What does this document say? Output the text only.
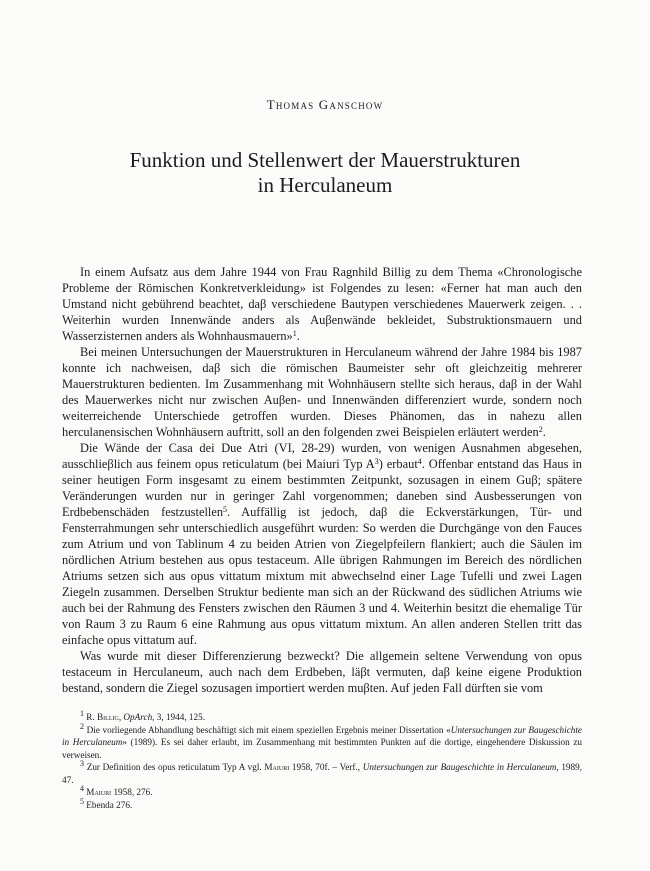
Thomas Ganschow
Funktion und Stellenwert der Mauerstrukturen
in Herculaneum

In einem Aufsatz aus dem Jahre 1944 von Frau Ragnhild Billig zu dem Thema «Chronologische Probleme der Römischen Konkretverkleidung» ist Folgendes zu lesen: «Ferner hat man auch den Umstand nicht gebührend beachtet, daβ verschiedene Bautypen verschiedenes Mauerwerk zeigen. . . Weiterhin wurden Innenwände anders als Auβenwände bekleidet, Substruktionsmauern und Wasserzisternen anders als Wohnhausmauern»$^1$.

Bei meinen Untersuchungen der Mauerstrukturen in Herculaneum während der Jahre 1984 bis 1987 konnte ich nachweisen, daβ sich die römischen Baumeister sehr oft gleichzeitig mehrerer Mauerstrukturen bedienten. Im Zusammenhang mit Wohnhäusern stellte sich heraus, daβ in der Wahl des Mauerwerkes nicht nur zwischen Auβen- und Innenwänden differenziert wurde, sondern noch weiterreichende Unterschiede getroffen wurden. Dieses Phänomen, das in nahezu allen herculanensischen Wohnhäusern auftritt, soll an den folgenden zwei Beispielen erläutert werden$^2$.

Die Wände der Casa dei Due Atri (VI, 28-29) wurden, von wenigen Ausnahmen abgesehen, ausschlieβlich aus feinem opus reticulatum (bei Maiuri Typ $A^3$) erbaut$^4$. Offenbar entstand das Haus in seiner heutigen Form insgesamt zu einem bestimmten Zeitpunkt, sozusagen in einem Guβ; spätere Veränderungen wurden nur in geringer Zahl vorgenommen; daneben sind Ausbesserungen von Erdbebenschäden festzustellen$^5$. Auffällig ist jedoch, daβ die Eckverstärkungen, Tür- und Fensterrahmungen sehr unterschiedlich ausgeführt wurden: So werden die Durchgänge von den Fauces zum Atrium und von Tablinum 4 zu beiden Atrien von Ziegelpfeilern flankiert; auch die Säulen im nördlichen Atrium bestehen aus opus testaceum. Alle übrigen Rahmungen im Bereich des nördlichen Atriums setzen sich aus opus vittatum mixtum mit abwechselnd einer Lage Tufelli und zwei Lagen Ziegeln zusammen. Derselben Struktur bediente man sich an der Rückwand des südlichen Atriums wie auch bei der Rahmung des Fensters zwischen den Räumen 3 und 4. Weiterhin besitzt die ehemalige Tür von Raum 3 zu Raum 6 eine Rahmung aus opus vittatum mixtum. An allen anderen Stellen tritt das einfache opus vittatum auf.

Was wurde mit dieser Differenzierung bezweckt? Die allgemein seltene Verwendung von opus testaceum in Herculaneum, auch nach dem Erdbeben, läβt vermuten, daβ keine eigene Produktion bestand, sondern die Ziegel sozusagen importiert werden muβten. Auf jeden Fall dürften sie vom

$^1$ R. Billig, OpArch, 3, 1944, 125.

$^2$ Die vorliegende Abhandlung beschäftigt sich mit einem speziellen Ergebnis meiner Dissertation «Untersuchungen zur Baugeschichte in Herculaneum» (1989). Es sei daher erlaubt, im Zusammenhang mit bestimmten Punkten auf die dortige, eingehendere Diskussion zu verweisen.

$^3$ Zur Definition des opus reticulatum Typ A vgl. Maiuri 1958, 70f. – Verf., Untersuchungen zur Baugeschichte in Herculaneum, 1989, 47.

$^4$ Maiuri 1958, 276.

$^5$ Ebenda 276.
